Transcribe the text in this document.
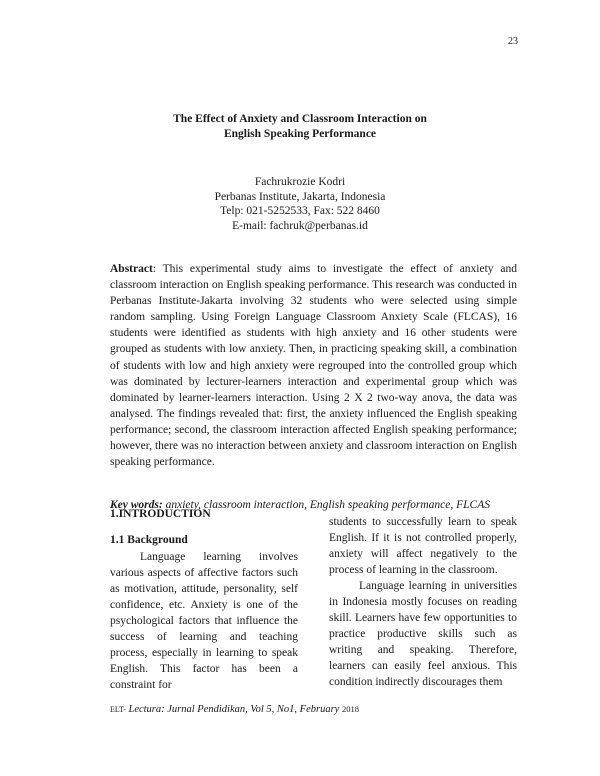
23
The Effect of Anxiety and Classroom Interaction on
English Speaking Performance
Fachrukrozie Kodri
Perbanas Institute, Jakarta, Indonesia
Telp: 021-5252533, Fax: 522 8460
E-mail: fachruk@perbanas.id

Abstract: This experimental study aims to investigate the effect of anxiety and classroom interaction on English speaking performance. This research was conducted in Perbanas Institute-Jakarta involving 32 students who were selected using simple random sampling. Using Foreign Language Classroom Anxiety Scale (FLCAS), 16 students were identified as students with high anxiety and 16 other students were grouped as students with low anxiety. Then, in practicing speaking skill, a combination of students with low and high anxiety were regrouped into the controlled group which was dominated by lecturer-learners interaction and experimental group which was dominated by learner-learners interaction. Using 2 X 2 two-way anova, the data was analysed. The findings revealed that: first, the anxiety influenced the English speaking performance; second, the classroom interaction affected English speaking performance; however, there was no interaction between anxiety and classroom interaction on English speaking performance.

Key words: anxiety, classroom interaction, English speaking performance, FLCAS

1.INTRODUCTION

1.1 Background

Language learning involves various aspects of affective factors such as motivation, attitude, personality, self confidence, etc. Anxiety is one of the psychological factors that influence the success of learning and teaching process, especially in learning to speak English. This factor has been a constraint for

students to successfully learn to speak English. If it is not controlled properly, anxiety will affect negatively to the process of learning in the classroom.

Language learning in universities in Indonesia mostly focuses on reading skill. Learners have few opportunities to practice productive skills such as writing and speaking. Therefore, learners can easily feel anxious. This condition indirectly discourages them

ELT- Lectura: Jurnal Pendidikan, Vol 5, No1, February 2018
